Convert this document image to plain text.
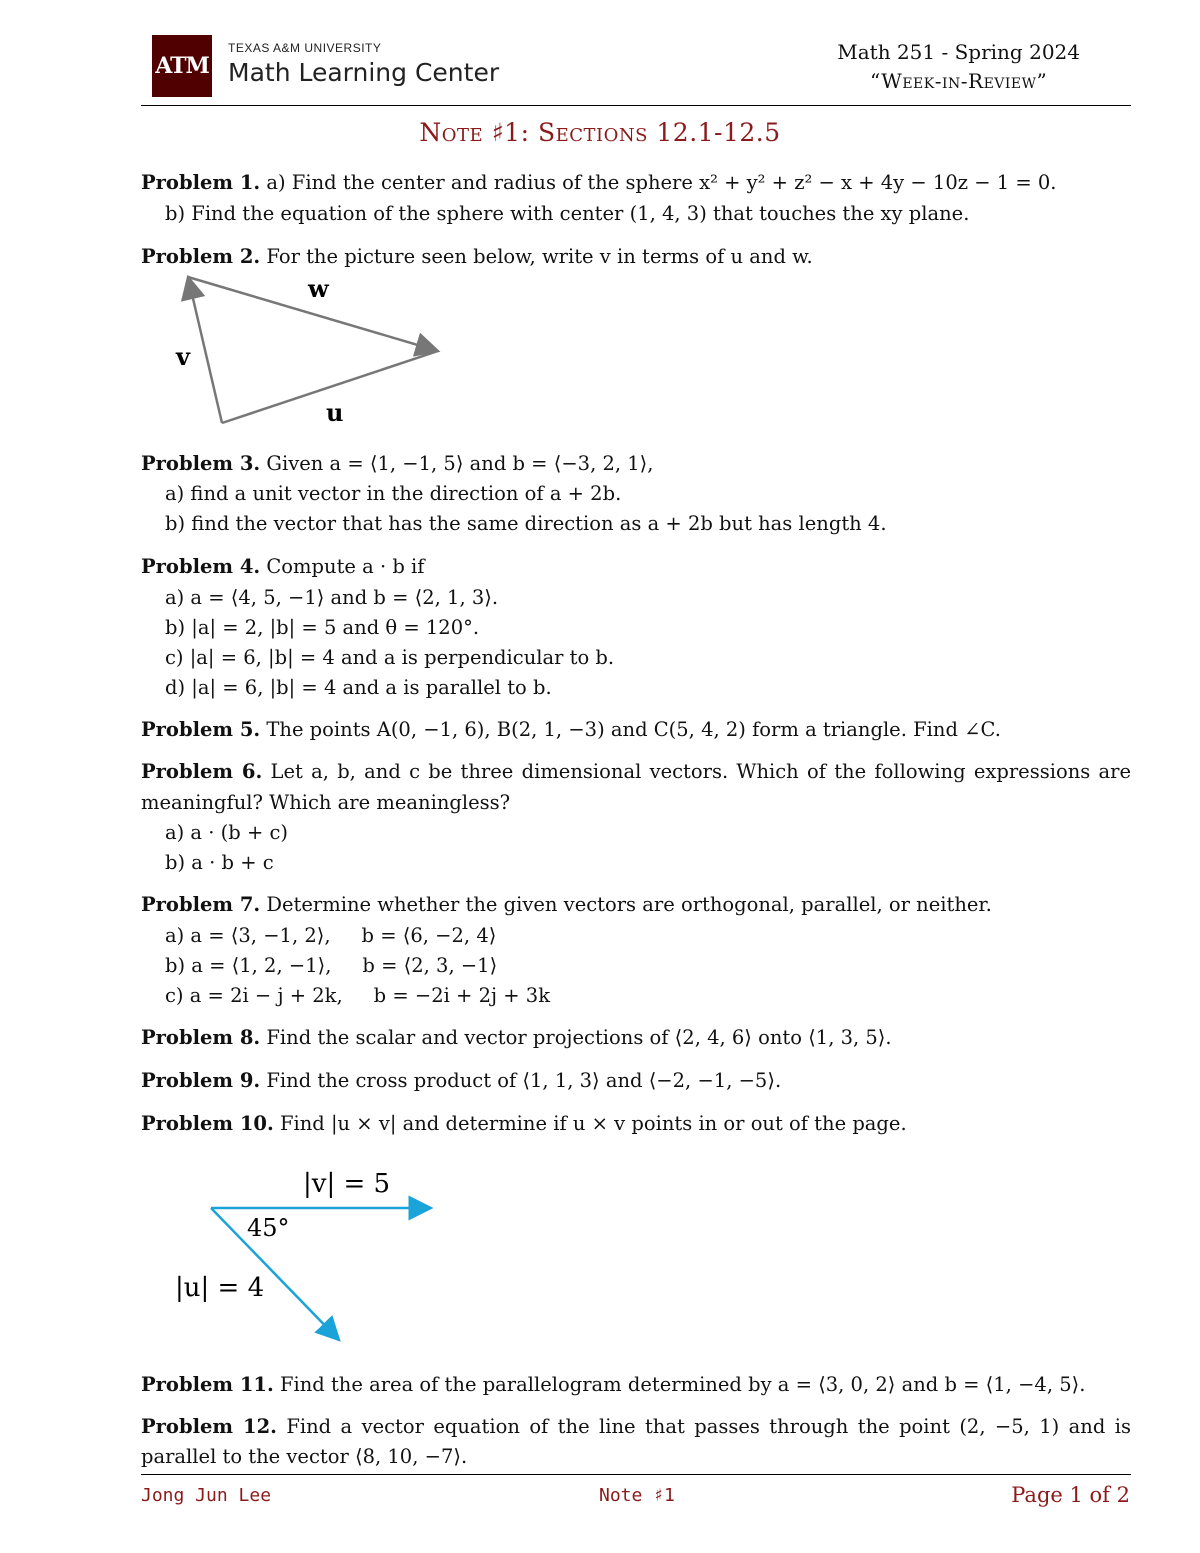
ATM
TEXAS A&M UNIVERSITY
Math Learning Center
Math 251 - Spring 2024
“Week-in-Review”
Note ♯1: Sections 12.1-12.5
Problem 1. a) Find the center and radius of the sphere x² + y² + z² − x + 4y − 10z − 1 = 0.
b) Find the equation of the sphere with center (1, 4, 3) that touches the xy plane.
Problem 2. For the picture seen below, write v in terms of u and w.
w
v
u
Problem 3. Given a = ⟨1, −1, 5⟩ and b = ⟨−3, 2, 1⟩,
a) find a unit vector in the direction of a + 2b.
b) find the vector that has the same direction as a + 2b but has length 4.
Problem 4. Compute a · b if
a) a = ⟨4, 5, −1⟩ and b = ⟨2, 1, 3⟩.
b) |a| = 2, |b| = 5 and θ = 120°.
c) |a| = 6, |b| = 4 and a is perpendicular to b.
d) |a| = 6, |b| = 4 and a is parallel to b.
Problem 5. The points A(0, −1, 6), B(2, 1, −3) and C(5, 4, 2) form a triangle. Find ∠C.
Problem 6. Let a, b, and c be three dimensional vectors. Which of the following expressions are
meaningful? Which are meaningless?
a) a · (b + c)
b) a · b + c
Problem 7. Determine whether the given vectors are orthogonal, parallel, or neither.
a) a = ⟨3, −1, 2⟩,     b = ⟨6, −2, 4⟩
b) a = ⟨1, 2, −1⟩,     b = ⟨2, 3, −1⟩
c) a = 2i − j + 2k,     b = −2i + 2j + 3k
Problem 8. Find the scalar and vector projections of ⟨2, 4, 6⟩ onto ⟨1, 3, 5⟩.
Problem 9. Find the cross product of ⟨1, 1, 3⟩ and ⟨−2, −1, −5⟩.
Problem 10. Find |u × v| and determine if u × v points in or out of the page.
|v| = 5
45°
|u| = 4
Problem 11. Find the area of the parallelogram determined by a = ⟨3, 0, 2⟩ and b = ⟨1, −4, 5⟩.
Problem 12. Find a vector equation of the line that passes through the point (2, −5, 1) and is
parallel to the vector ⟨8, 10, −7⟩.
Jong Jun Lee	Note ♯1	Page 1 of 2
